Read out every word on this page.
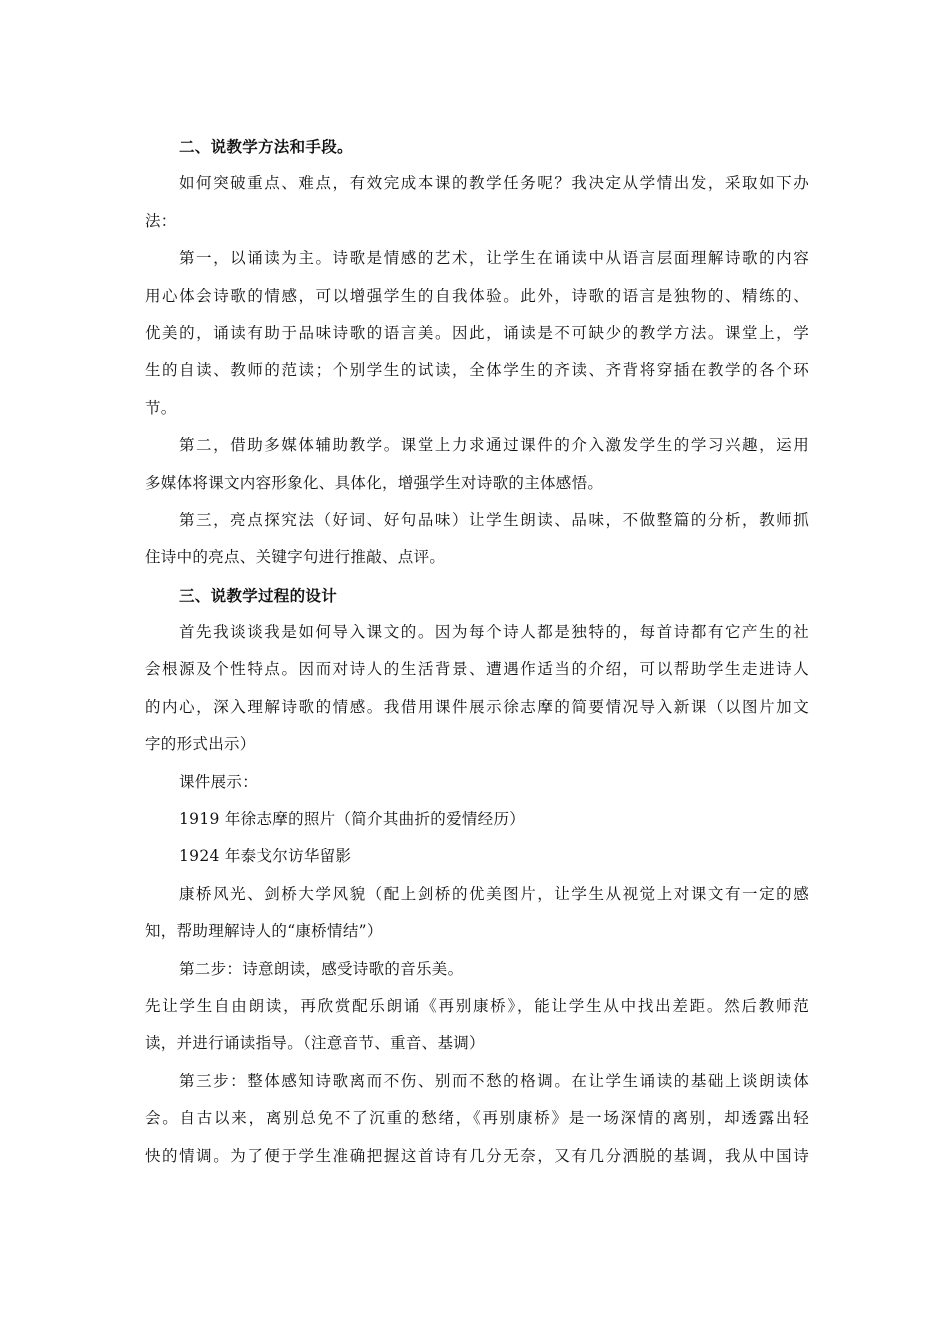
二、说教学方法和手段。
如何突破重点、难点，有效完成本课的教学任务呢？我决定从学情出发，采取如下办
法：
第一，以诵读为主。诗歌是情感的艺术，让学生在诵读中从语言层面理解诗歌的内容
用心体会诗歌的情感，可以增强学生的自我体验。此外，诗歌的语言是独物的、精练的、
优美的，诵读有助于品味诗歌的语言美。因此，诵读是不可缺少的教学方法。课堂上，学
生的自读、教师的范读；个别学生的试读，全体学生的齐读、齐背将穿插在教学的各个环
节。
第二，借助多媒体辅助教学。课堂上力求通过课件的介入激发学生的学习兴趣，运用
多媒体将课文内容形象化、具体化，增强学生对诗歌的主体感悟。
第三，亮点探究法（好词、好句品味）让学生朗读、品味，不做整篇的分析，教师抓
住诗中的亮点、关键字句进行推敲、点评。
三、说教学过程的设计
首先我谈谈我是如何导入课文的。因为每个诗人都是独特的，每首诗都有它产生的社
会根源及个性特点。因而对诗人的生活背景、遭遇作适当的介绍，可以帮助学生走进诗人
的内心，深入理解诗歌的情感。我借用课件展示徐志摩的简要情况导入新课（以图片加文
字的形式出示）
课件展示：
1919 年徐志摩的照片（简介其曲折的爱情经历）
1924 年泰戈尔访华留影
康桥风光、剑桥大学风貌（配上剑桥的优美图片，让学生从视觉上对课文有一定的感
知，帮助理解诗人的“康桥情结”）
第二步：诗意朗读，感受诗歌的音乐美。
先让学生自由朗读，再欣赏配乐朗诵《再别康桥》，能让学生从中找出差距。然后教师范
读，并进行诵读指导。（注意音节、重音、基调）
第三步：整体感知诗歌离而不伤、别而不愁的格调。在让学生诵读的基础上谈朗读体
会。自古以来，离别总免不了沉重的愁绪，《再别康桥》是一场深情的离别，却透露出轻
快的情调。为了便于学生准确把握这首诗有几分无奈，又有几分洒脱的基调，我从中国诗
